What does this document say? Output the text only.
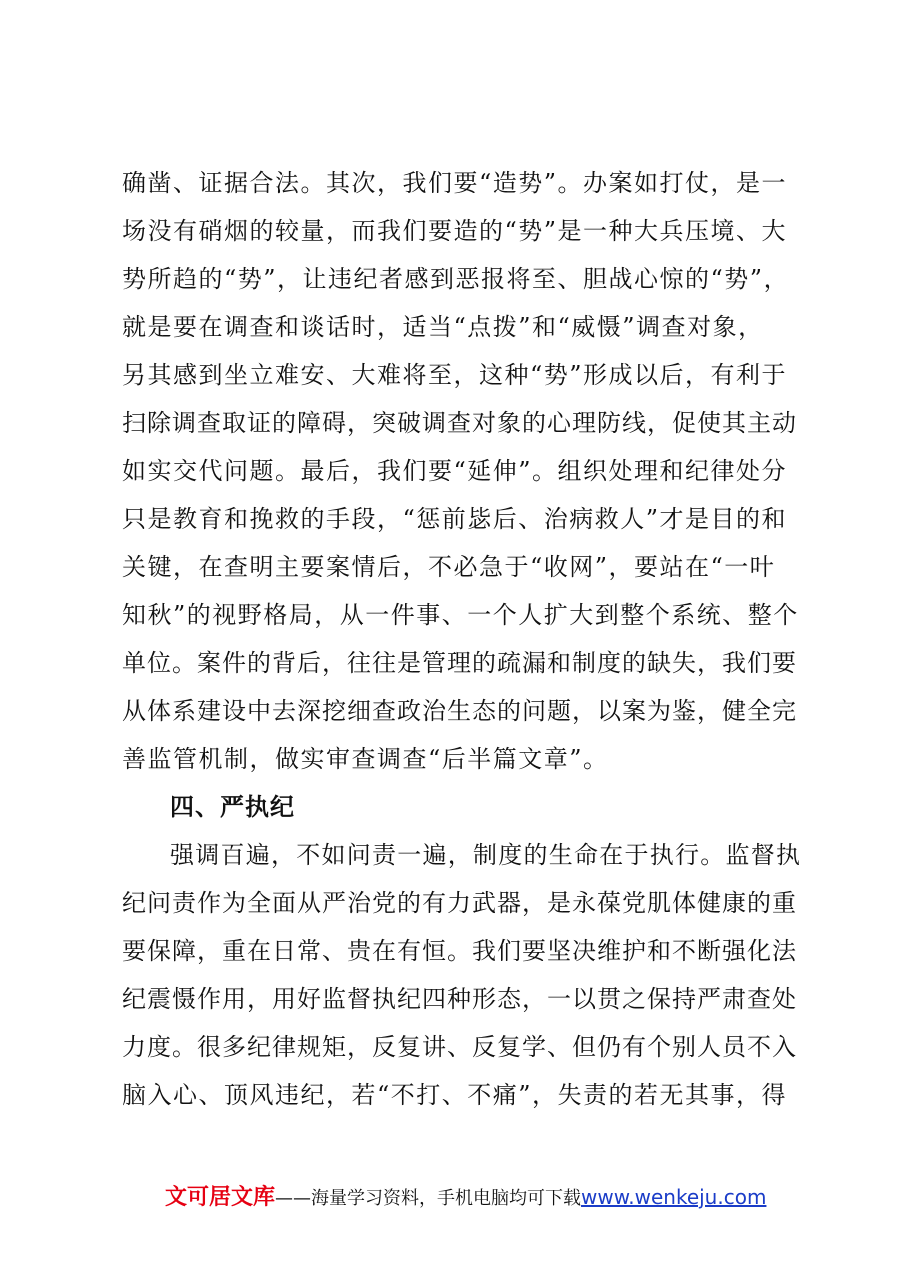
确凿、证据合法。其次，我们要“造势”。办案如打仗，是一
场没有硝烟的较量，而我们要造的“势”是一种大兵压境、大
势所趋的“势”，让违纪者感到恶报将至、胆战心惊的“势”，
就是要在调查和谈话时，适当“点拨”和“威慑”调查对象，
另其感到坐立难安、大难将至，这种“势”形成以后，有利于
扫除调查取证的障碍，突破调查对象的心理防线，促使其主动
如实交代问题。最后，我们要“延伸”。组织处理和纪律处分
只是教育和挽救的手段，“惩前毖后、治病救人”才是目的和
关键，在查明主要案情后，不必急于“收网”，要站在“一叶
知秋”的视野格局，从一件事、一个人扩大到整个系统、整个
单位。案件的背后，往往是管理的疏漏和制度的缺失，我们要
从体系建设中去深挖细查政治生态的问题，以案为鉴，健全完
善监管机制，做实审查调查“后半篇文章”。
四、严执纪
强调百遍，不如问责一遍，制度的生命在于执行。监督执
纪问责作为全面从严治党的有力武器，是永葆党肌体健康的重
要保障，重在日常、贵在有恒。我们要坚决维护和不断强化法
纪震慑作用，用好监督执纪四种形态，一以贯之保持严肃查处
力度。很多纪律规矩，反复讲、反复学、但仍有个别人员不入
脑入心、顶风违纪，若“不打、不痛”，失责的若无其事，得
文可居文库——海量学习资料，手机电脑均可下载www.wenkeju.com
